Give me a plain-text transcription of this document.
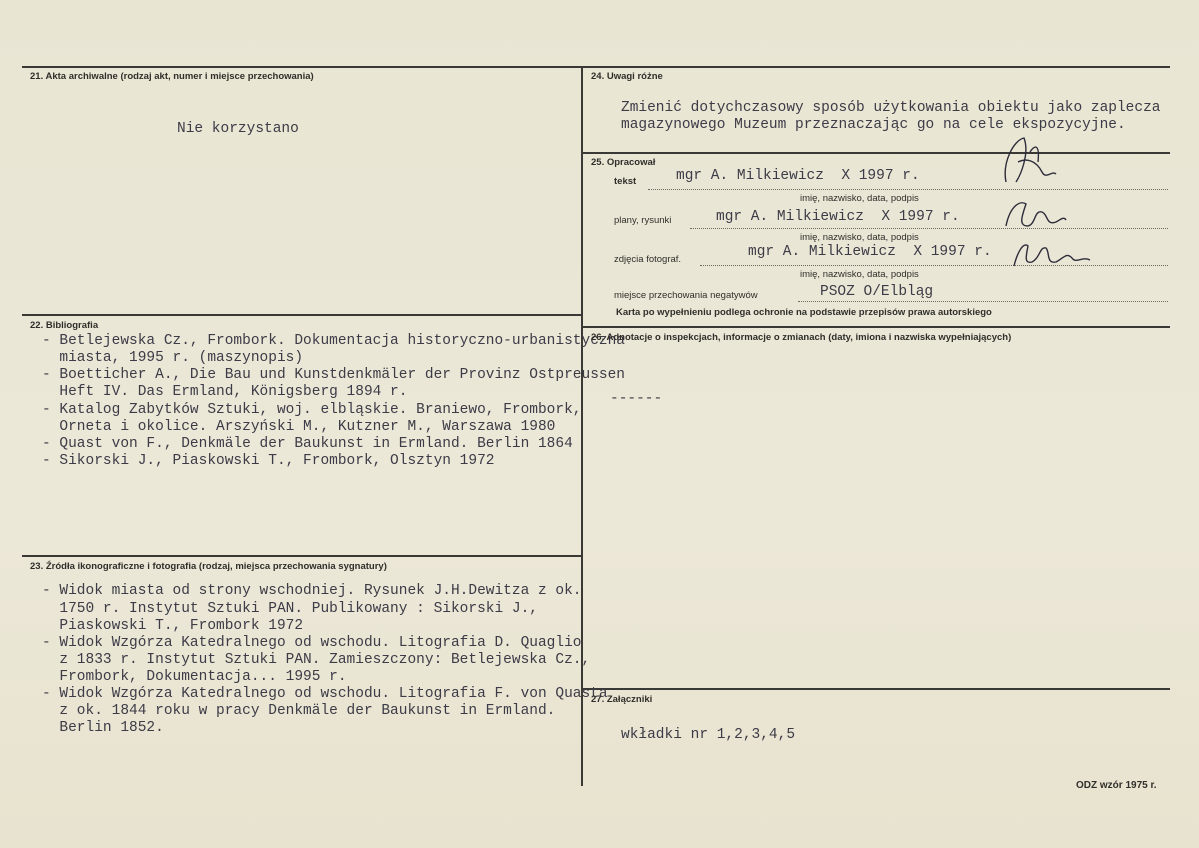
21. Akta archiwalne (rodzaj akt, numer i miejsce przechowania)
Nie korzystano
22. Bibliografia
- Betlejewska Cz., Frombork. Dokumentacja historyczno-urbanistyczna
miasta, 1995 r. (maszynopis)
- Boetticher A., Die Bau und Kunstdenkmäler der Provinz Ostpreussen
Heft IV. Das Ermland, Königsberg 1894 r.
- Katalog Zabytków Sztuki, woj. elbląskie. Braniewo, Frombork,
Orneta i okolice. Arszyński M., Kutzner M., Warszawa 1980
- Quast von F., Denkmäle der Baukunst in Ermland. Berlin 1864
- Sikorski J., Piaskowski T., Frombork, Olsztyn 1972
23. Źródła ikonograficzne i fotografia (rodzaj, miejsca przechowania sygnatury)
- Widok miasta od strony wschodniej. Rysunek J.H.Dewitza z ok.
1750 r. Instytut Sztuki PAN. Publikowany : Sikorski J.,
Piaskowski T., Frombork 1972
- Widok Wzgórza Katedralnego od wschodu. Litografia D. Quaglio
z 1833 r. Instytut Sztuki PAN. Zamieszczony: Betlejewska Cz.,
Frombork, Dokumentacja... 1995 r.
- Widok Wzgórza Katedralnego od wschodu. Litografia F. von Quasta
z ok. 1844 roku w pracy Denkmäle der Baukunst in Ermland.
Berlin 1852.
24. Uwagi różne
Zmienić dotychczasowy sposób użytkowania obiektu jako zaplecza
magazynowego Muzeum przeznaczając go na cele ekspozycyjne.
25. Opracował
tekst	mgr A. Milkiewicz  X 1997 r.
imię, nazwisko, data, podpis
plany, rysunki	mgr A. Milkiewicz  X 1997 r.
imię, nazwisko, data, podpis
zdjęcia fotograf.	mgr A. Milkiewicz  X 1997 r.
imię, nazwisko, data, podpis
miejsce przechowania negatywów	PSOZ O/Elbląg
Karta po wypełnieniu podlega ochronie na podstawie przepisów prawa autorskiego
26. Adnotacje o inspekcjach, informacje o zmianach (daty, imiona i nazwiska wypełniających)
------
27. Załączniki
wkładki nr 1,2,3,4,5
ODZ wzór 1975 r.
